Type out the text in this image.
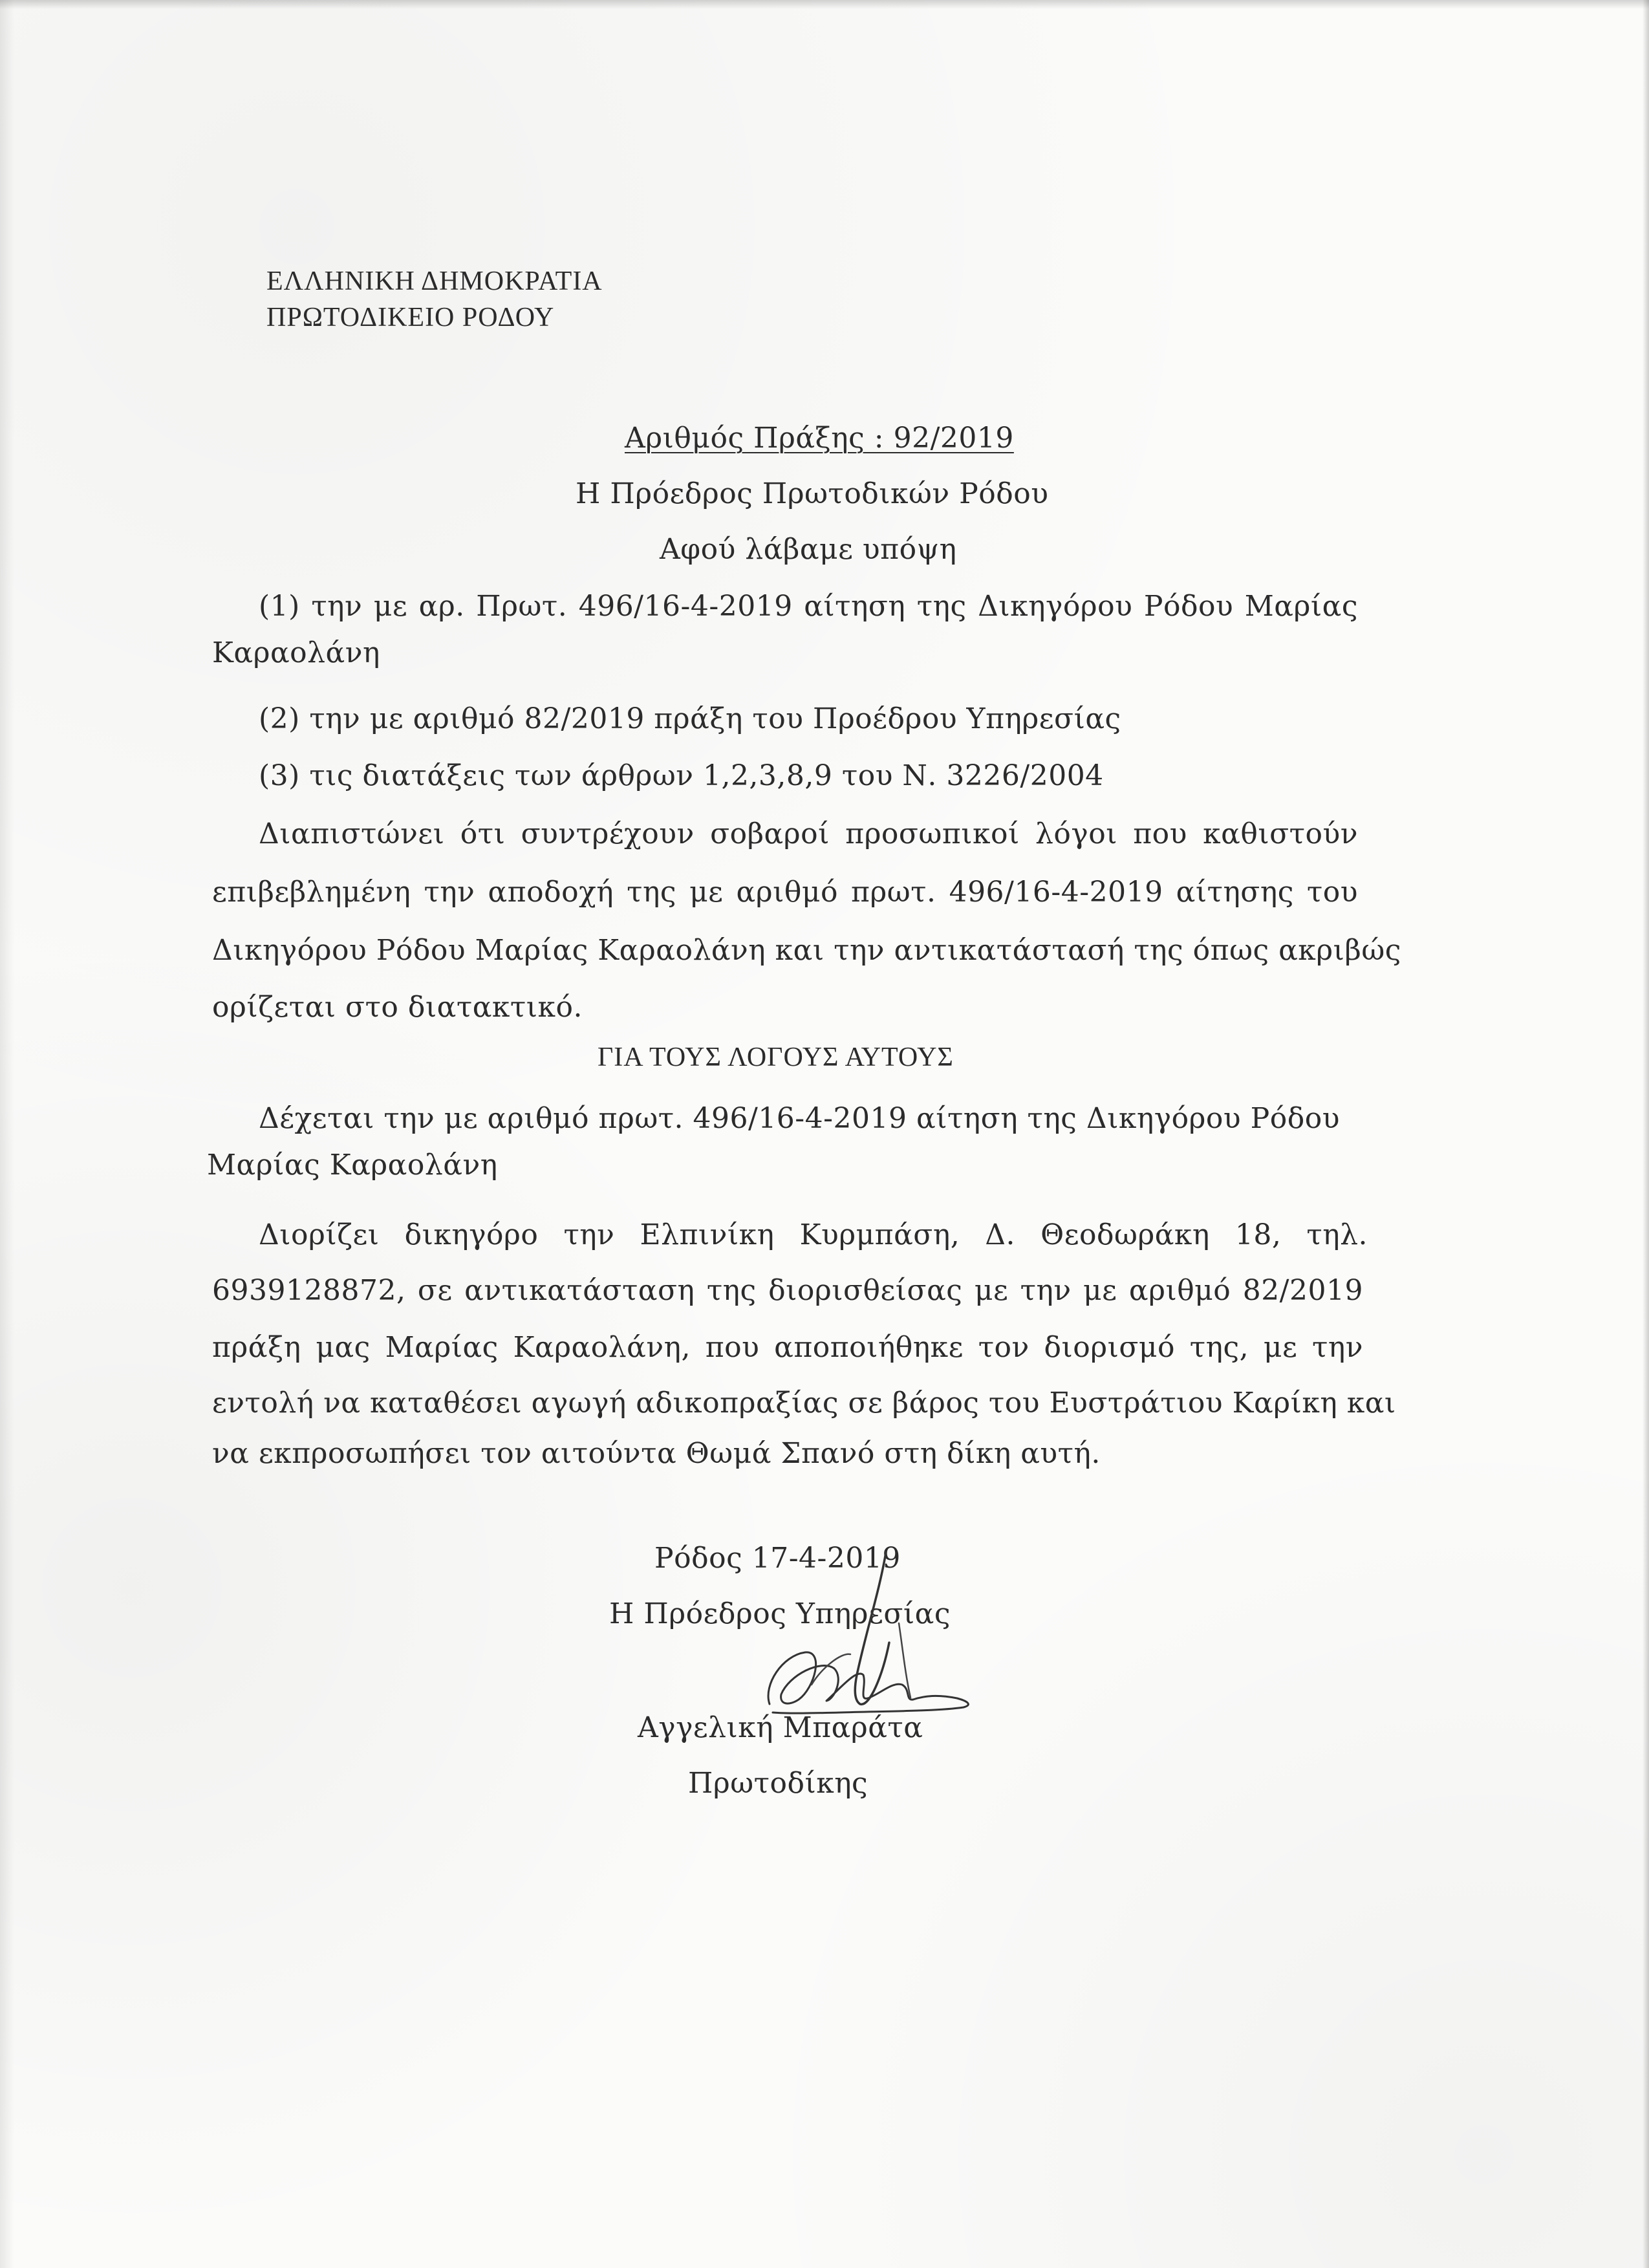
ΕΛΛΗΝΙΚΗ ΔΗΜΟΚΡΑΤΙΑ
ΠΡΩΤΟΔΙΚΕΙΟ ΡΟΔΟΥ
Αριθμός Πράξης : 92/2019
Η Πρόεδρος Πρωτοδικών Ρόδου
Αφού λάβαμε υπόψη
(1) την με αρ. Πρωτ. 496/16-4-2019 αίτηση της Δικηγόρου Ρόδου Μαρίας
Καραολάνη
(2) την με αριθμό 82/2019 πράξη του Προέδρου Υπηρεσίας
(3) τις διατάξεις των άρθρων 1,2,3,8,9 του Ν. 3226/2004
Διαπιστώνει ότι συντρέχουν σοβαροί προσωπικοί λόγοι που καθιστούν
επιβεβλημένη την αποδοχή της με αριθμό πρωτ. 496/16-4-2019 αίτησης του
Δικηγόρου Ρόδου Μαρίας Καραολάνη και την αντικατάστασή της όπως ακριβώς
ορίζεται στο διατακτικό.
ΓΙΑ ΤΟΥΣ ΛΟΓΟΥΣ ΑΥΤΟΥΣ
Δέχεται την με αριθμό πρωτ. 496/16-4-2019 αίτηση της Δικηγόρου Ρόδου
Μαρίας Καραολάνη
Διορίζει δικηγόρο την Ελπινίκη Κυρμπάση, Δ. Θεοδωράκη 18, τηλ.
6939128872, σε αντικατάσταση της διορισθείσας με την με αριθμό 82/2019
πράξη μας Μαρίας Καραολάνη, που αποποιήθηκε τον διορισμό της, με την
εντολή να καταθέσει αγωγή αδικοπραξίας σε βάρος του Ευστράτιου Καρίκη και
να εκπροσωπήσει τον αιτούντα Θωμά Σπανό στη δίκη αυτή.
Ρόδος 17-4-2019
Η Πρόεδρος Υπηρεσίας
Αγγελική Μπαράτα
Πρωτοδίκης
